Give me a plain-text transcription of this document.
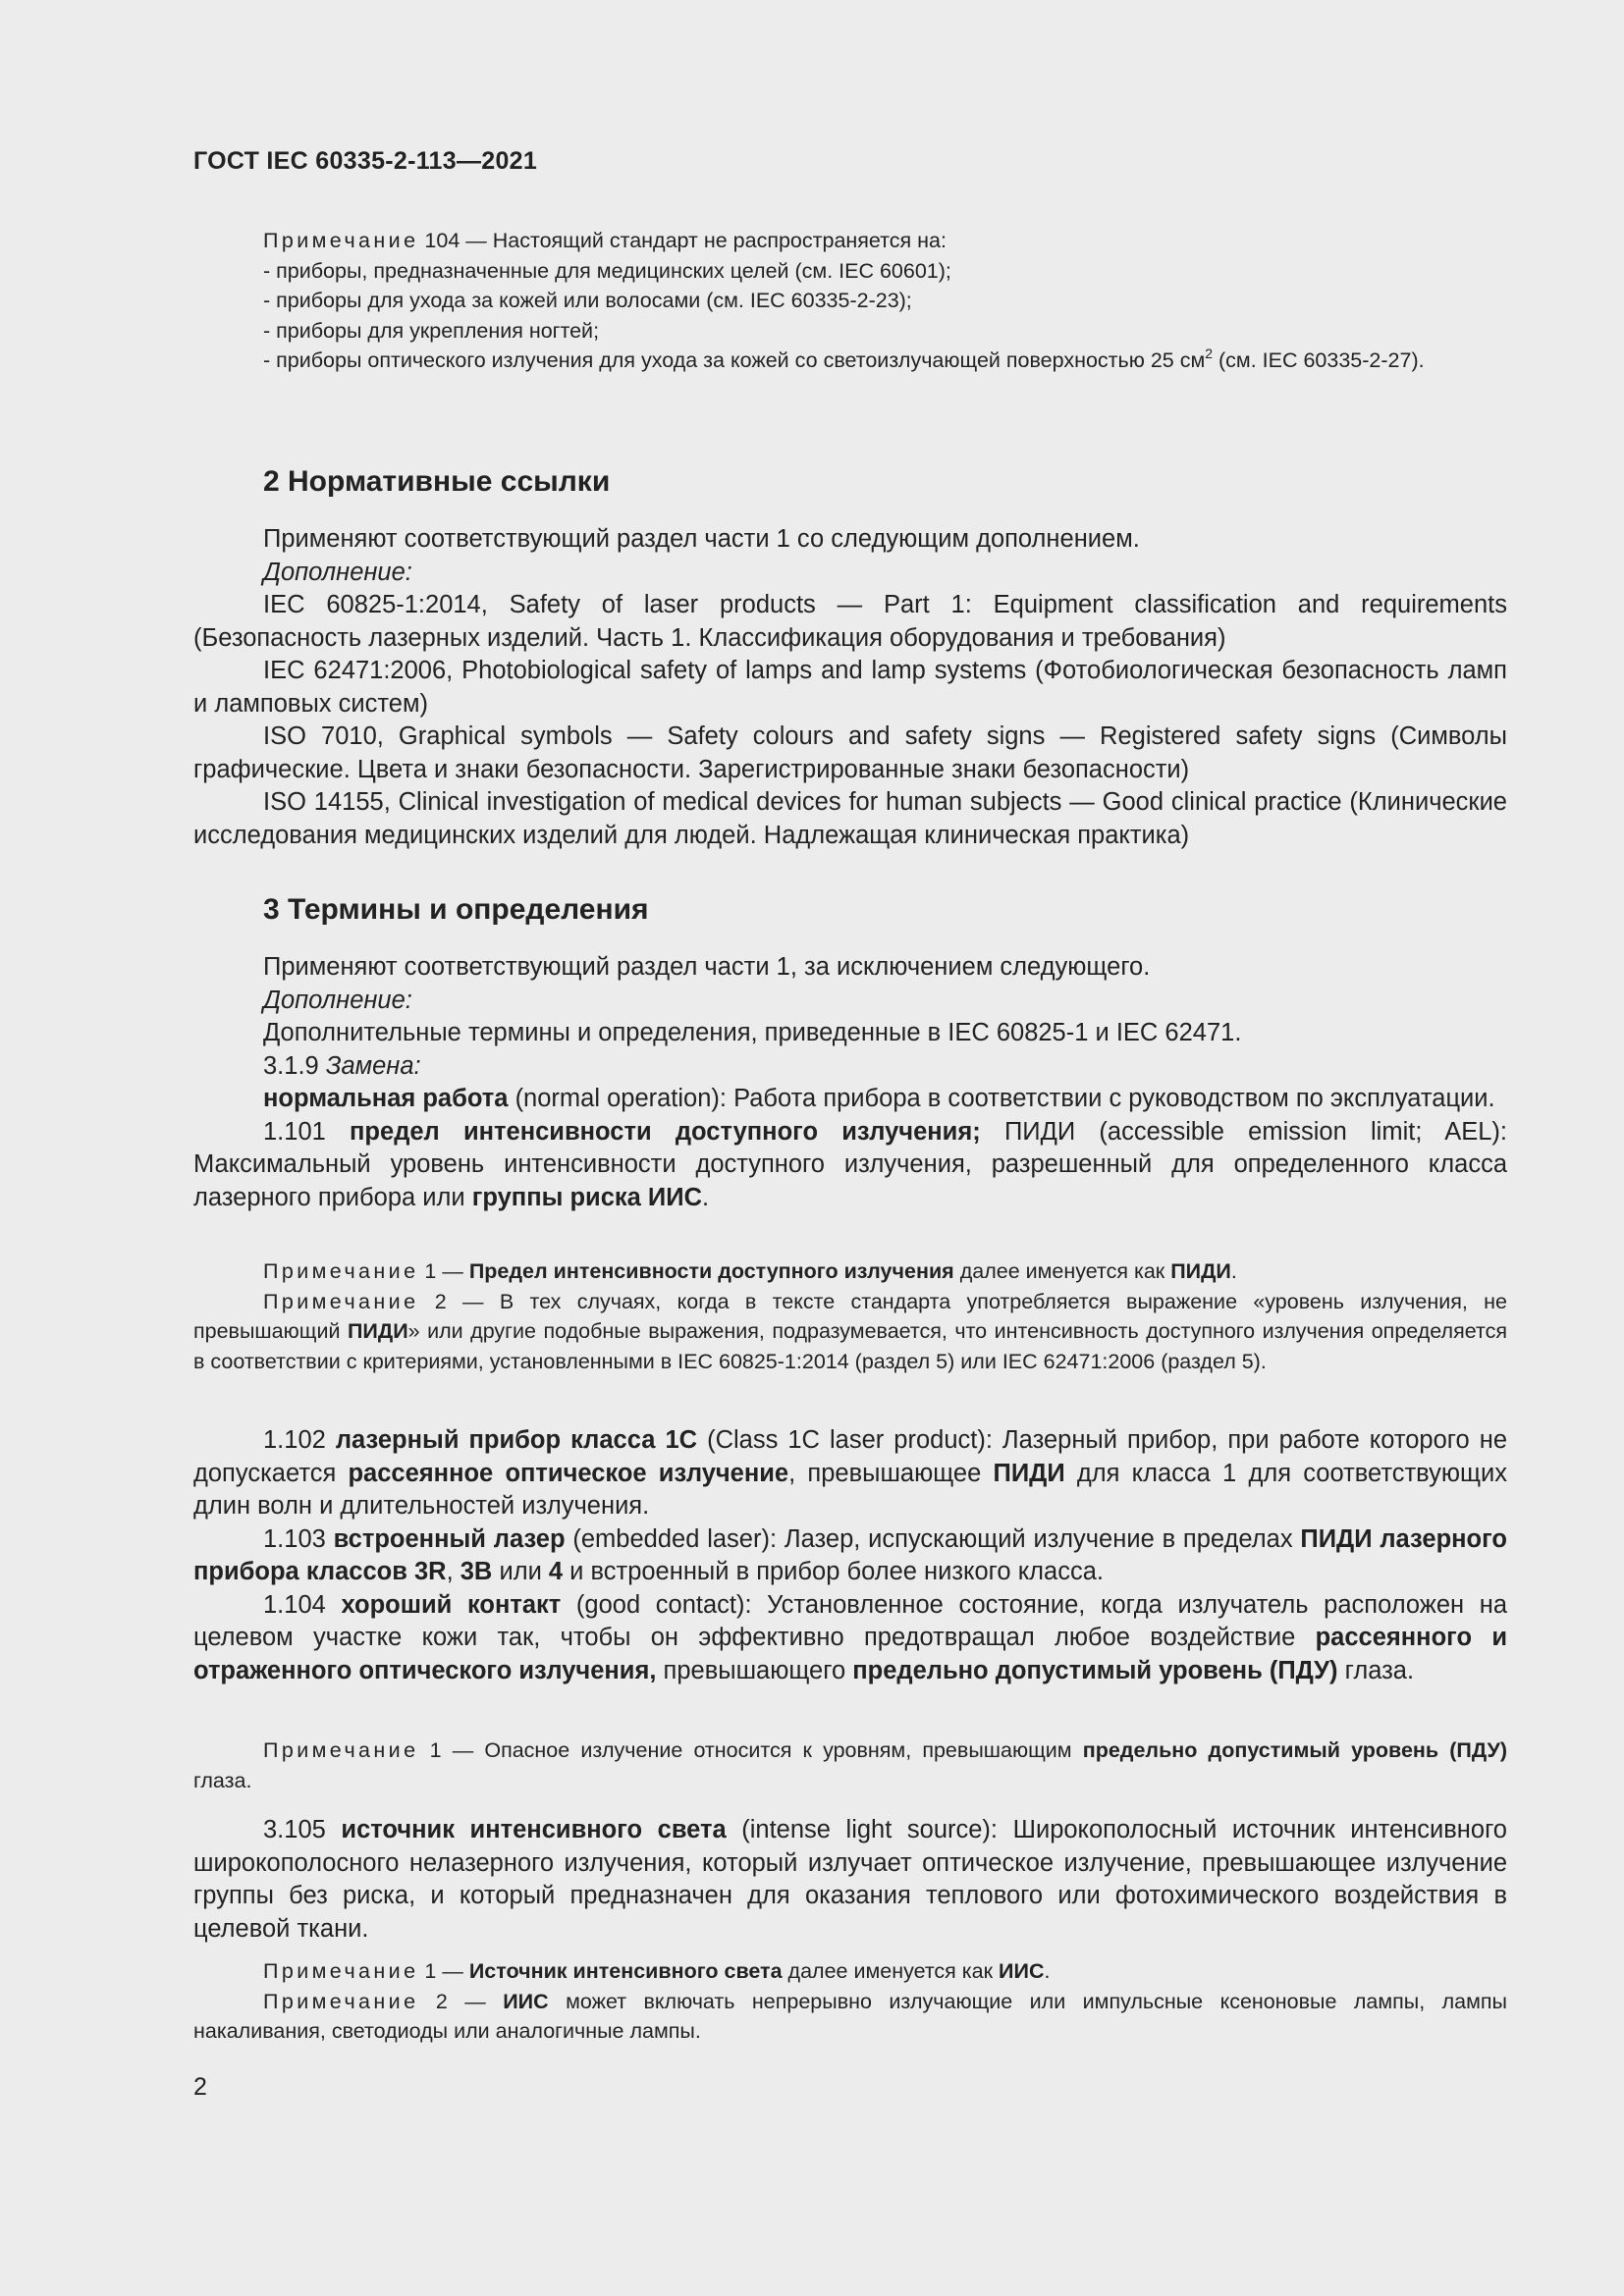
ГОСТ IEC 60335-2-113—2021

Примечание 104 — Настоящий стандарт не распространяется на:

- приборы, предназначенные для медицинских целей (см. IEC 60601);

- приборы для ухода за кожей или волосами (см. IEC 60335-2-23);

- приборы для укрепления ногтей;

- приборы оптического излучения для ухода за кожей со светоизлучающей поверхностью 25 $см^2$ (см. IEC 60335-2-27).

2 Нормативные ссылки

Применяют соответствующий раздел части 1 со следующим дополнением.

Дополнение:

IEC 60825-1:2014, Safety of laser products — Part 1: Equipment classification and requirements (Безопасность лазерных изделий. Часть 1. Классификация оборудования и требования)

IEC 62471:2006, Photobiological safety of lamps and lamp systems (Фотобиологическая безопасность ламп и ламповых систем)

ISO 7010, Graphical symbols — Safety colours and safety signs — Registered safety signs (Символы графические. Цвета и знаки безопасности. Зарегистрированные знаки безопасности)

ISO 14155, Clinical investigation of medical devices for human subjects — Good clinical practice (Клинические исследования медицинских изделий для людей. Надлежащая клиническая практика)

3 Термины и определения

Применяют соответствующий раздел части 1, за исключением следующего.

Дополнение:

Дополнительные термины и определения, приведенные в IEC 60825-1 и IEC 62471.

3.1.9 Замена:

нормальная работа (normal operation): Работа прибора в соответствии с руководством по эксплуатации.

1.101 предел интенсивности доступного излучения; ПИДИ (accessible emission limit; AEL): Максимальный уровень интенсивности доступного излучения, разрешенный для определенного класса лазерного прибора или группы риска ИИС.

Примечание 1 — Предел интенсивности доступного излучения далее именуется как ПИДИ.

Примечание 2 — В тех случаях, когда в тексте стандарта употребляется выражение «уровень излучения, не превышающий ПИДИ» или другие подобные выражения, подразумевается, что интенсивность доступного излучения определяется в соответствии с критериями, установленными в IEC 60825-1:2014 (раздел 5) или IEC 62471:2006 (раздел 5).

1.102 лазерный прибор класса 1С (Class 1C laser product): Лазерный прибор, при работе которого не допускается рассеянное оптическое излучение, превышающее ПИДИ для класса 1 для соответствующих длин волн и длительностей излучения.

1.103 встроенный лазер (embedded laser): Лазер, испускающий излучение в пределах ПИДИ лазерного прибора классов 3R, 3B или 4 и встроенный в прибор более низкого класса.

1.104 хороший контакт (good contact): Установленное состояние, когда излучатель расположен на целевом участке кожи так, чтобы он эффективно предотвращал любое воздействие рассеянного и отраженного оптического излучения, превышающего предельно допустимый уровень (ПДУ) глаза.

Примечание 1 — Опасное излучение относится к уровням, превышающим предельно допустимый уровень (ПДУ) глаза.

3.105 источник интенсивного света (intense light source): Широкополосный источник интенсивного широкополосного нелазерного излучения, который излучает оптическое излучение, превышающее излучение группы без риска, и который предназначен для оказания теплового или фотохимического воздействия в целевой ткани.

Примечание 1 — Источник интенсивного света далее именуется как ИИС.

Примечание 2 — ИИС может включать непрерывно излучающие или импульсные ксеноновые лампы, лампы накаливания, светодиоды или аналогичные лампы.

2
